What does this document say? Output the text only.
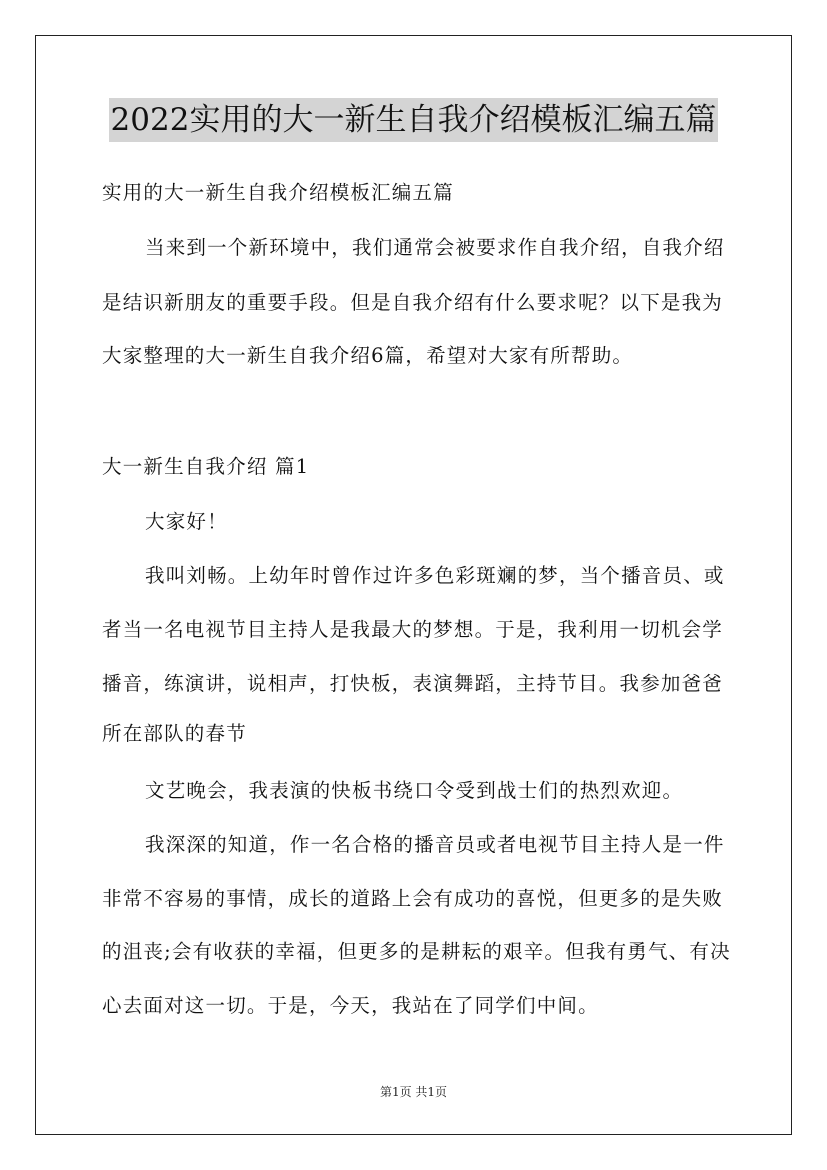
2022实用的大一新生自我介绍模板汇编五篇
实用的大一新生自我介绍模板汇编五篇
当来到一个新环境中，我们通常会被要求作自我介绍，自我介绍
是结识新朋友的重要手段。但是自我介绍有什么要求呢？以下是我为
大家整理的大一新生自我介绍6篇，希望对大家有所帮助。
大一新生自我介绍 篇1
大家好！
我叫刘畅。上幼年时曾作过许多色彩斑斓的梦，当个播音员、或
者当一名电视节目主持人是我最大的梦想。于是，我利用一切机会学
播音，练演讲，说相声，打快板，表演舞蹈，主持节目。我参加爸爸
所在部队的春节
文艺晚会，我表演的快板书绕口令受到战士们的热烈欢迎。
我深深的知道，作一名合格的播音员或者电视节目主持人是一件
非常不容易的事情，成长的道路上会有成功的喜悦，但更多的是失败
的沮丧;会有收获的幸福，但更多的是耕耘的艰辛。但我有勇气、有决
心去面对这一切。于是，今天，我站在了同学们中间。
第1页 共1页
